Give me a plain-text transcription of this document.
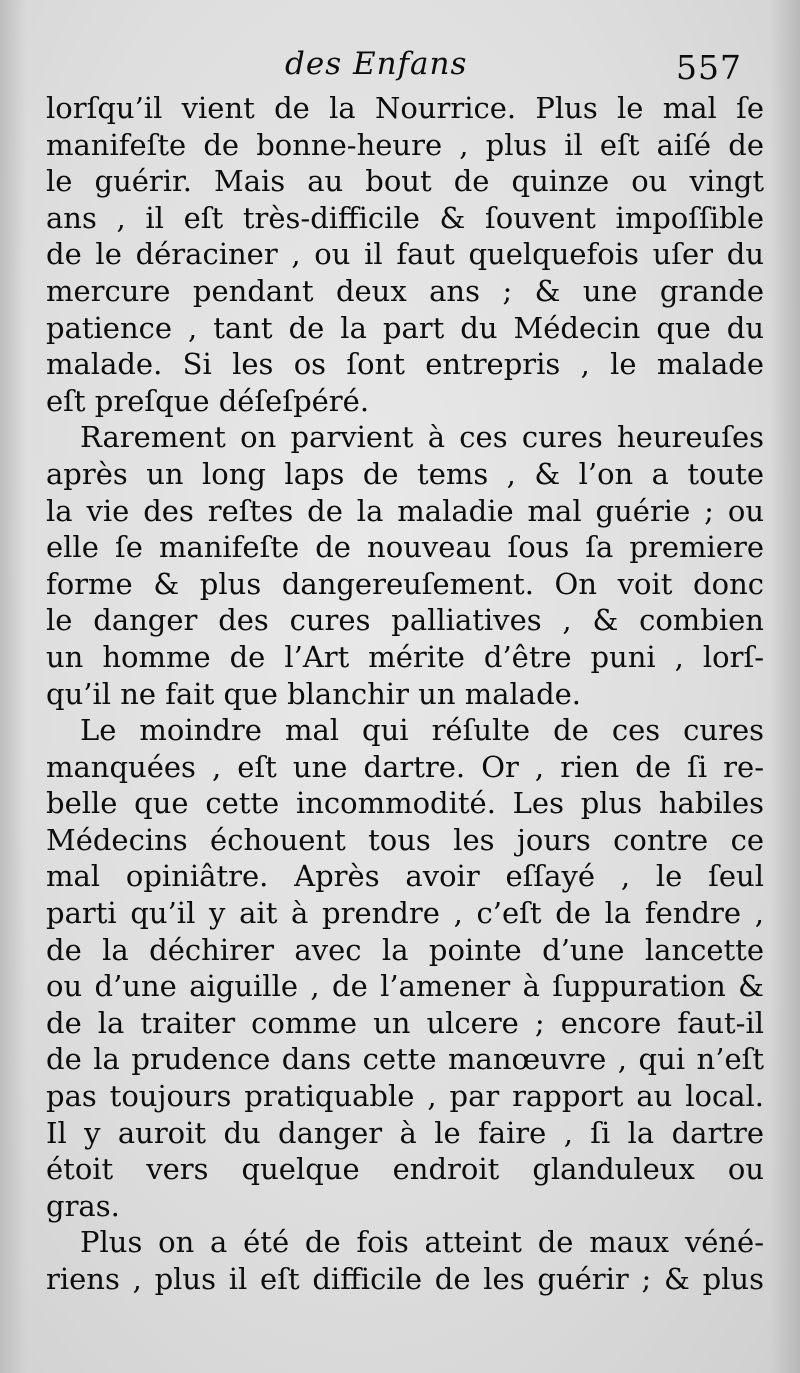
des Enfans	557
lorſqu’il vient de la Nourrice. Plus le mal ſe
manifeſte de bonne-heure , plus il eſt aiſé de
le guérir. Mais au bout de quinze ou vingt
ans , il eſt très-difficile & ſouvent impoſſible
de le déraciner , ou il faut quelquefois uſer du
mercure pendant deux ans ; & une grande
patience , tant de la part du Médecin que du
malade. Si les os ſont entrepris , le malade
eſt preſque déſeſpéré.
Rarement on parvient à ces cures heureuſes
après un long laps de tems , & l’on a toute
la vie des reſtes de la maladie mal guérie ; ou
elle ſe manifeſte de nouveau ſous ſa premiere
forme & plus dangereuſement. On voit donc
le danger des cures palliatives , & combien
un homme de l’Art mérite d’être puni , lorſ-
qu’il ne fait que blanchir un malade.
Le moindre mal qui réſulte de ces cures
manquées , eſt une dartre. Or , rien de ſi re-
belle que cette incommodité. Les plus habiles
Médecins échouent tous les jours contre ce
mal opiniâtre. Après avoir eſſayé , le ſeul
parti qu’il y ait à prendre , c’eſt de la fendre ,
de la déchirer avec la pointe d’une lancette
ou d’une aiguille , de l’amener à ſuppuration &
de la traiter comme un ulcere ; encore faut-il
de la prudence dans cette manœuvre , qui n’eſt
pas toujours pratiquable , par rapport au local.
Il y auroit du danger à le faire , ſi la dartre
étoit vers quelque endroit glanduleux ou
gras.
Plus on a été de fois atteint de maux véné-
riens , plus il eſt difficile de les guérir ; & plus
